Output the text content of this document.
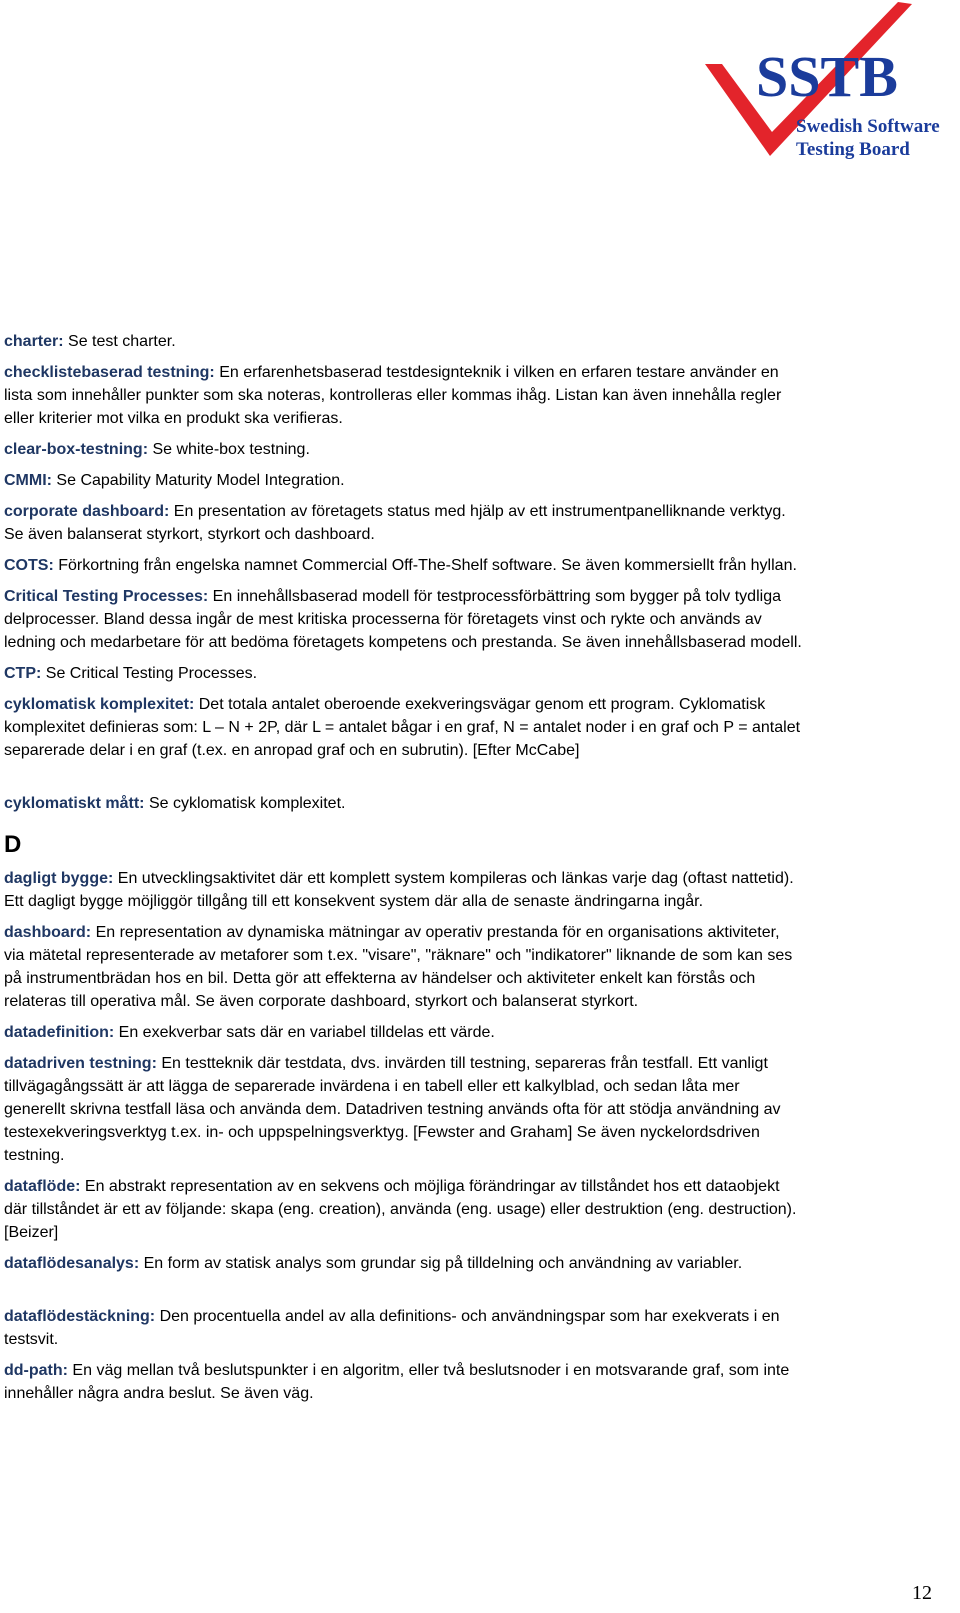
SSTB
Swedish Software
Testing Board

charter: Se test charter.

checklistebaserad testning: En erfarenhetsbaserad testdesignteknik i vilken en erfaren testare använder en lista som innehåller punkter som ska noteras, kontrolleras eller kommas ihåg. Listan kan även innehålla regler eller kriterier mot vilka en produkt ska verifieras.

clear-box-testning: Se white-box testning.

CMMI: Se Capability Maturity Model Integration.

corporate dashboard: En presentation av företagets status med hjälp av ett instrumentpanelliknande verktyg. Se även balanserat styrkort, styrkort och dashboard.

COTS: Förkortning från engelska namnet Commercial Off-The-Shelf software. Se även kommersiellt från hyllan.

Critical Testing Processes: En innehållsbaserad modell för testprocessförbättring som bygger på tolv tydliga delprocesser. Bland dessa ingår de mest kritiska processerna för företagets vinst och rykte och används av ledning och medarbetare för att bedöma företagets kompetens och prestanda. Se även innehållsbaserad modell.

CTP: Se Critical Testing Processes.

cyklomatisk komplexitet: Det totala antalet oberoende exekveringsvägar genom ett program. Cyklomatisk komplexitet definieras som: L – N + 2P, där L = antalet bågar i en graf, N = antalet noder i en graf och P = antalet separerade delar i en graf (t.ex. en anropad graf och en subrutin). [Efter McCabe]

cyklomatiskt mått: Se cyklomatisk komplexitet.

D

dagligt bygge: En utvecklingsaktivitet där ett komplett system kompileras och länkas varje dag (oftast nattetid). Ett dagligt bygge möjliggör tillgång till ett konsekvent system där alla de senaste ändringarna ingår.

dashboard: En representation av dynamiska mätningar av operativ prestanda för en organisations aktiviteter, via mätetal representerade av metaforer som t.ex. "visare", "räknare" och "indikatorer" liknande de som kan ses på instrumentbrädan hos en bil. Detta gör att effekterna av händelser och aktiviteter enkelt kan förstås och relateras till operativa mål. Se även corporate dashboard, styrkort och balanserat styrkort.

datadefinition: En exekverbar sats där en variabel tilldelas ett värde.

datadriven testning: En testteknik där testdata, dvs. invärden till testning, separeras från testfall. Ett vanligt tillvägagångssätt är att lägga de separerade invärdena i en tabell eller ett kalkylblad, och sedan låta mer generellt skrivna testfall läsa och använda dem. Datadriven testning används ofta för att stödja användning av testexekveringsverktyg t.ex. in- och uppspelningsverktyg. [Fewster and Graham] Se även nyckelordsdriven testning.

dataflöde: En abstrakt representation av en sekvens och möjliga förändringar av tillståndet hos ett dataobjekt där tillståndet är ett av följande: skapa (eng. creation), använda (eng. usage) eller destruktion (eng. destruction). [Beizer]

dataflödesanalys: En form av statisk analys som grundar sig på tilldelning och användning av variabler.

dataflödestäckning: Den procentuella andel av alla definitions- och användningspar som har exekverats i en testsvit.

dd-path: En väg mellan två beslutspunkter i en algoritm, eller två beslutsnoder i en motsvarande graf, som inte innehåller några andra beslut. Se även väg.

12
